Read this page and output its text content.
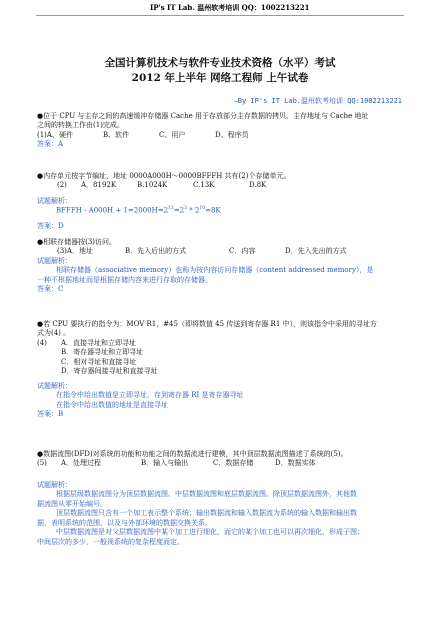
IP's IT Lab. 温州软考培训 QQ：1002213221
全国计算机技术与软件专业技术资格（水平）考试
2012 年上半年 网络工程师 上午试卷
—By IP's IT Lab.温州软考培训 QQ:1002213221
●位于 CPU 与主存之间的高速缓冲存储器 Cache 用于存放部分主存数据的拷贝，主存地址与 Cache 地址
之间的转换工作由(1)完成。
(1)A、硬件	B、软件	C、用户	D、程序员
答案：A
●内存单元按字节编址，地址 0000A000H～0000BFFFH 共有(2)个存储单元。
(2)	A．8192K	B.1024K	C.13K	D.8K
试题解析：
BFFFH - $A000H + 1=2000H=2^{13}=2^3 * 2^{10}=8K$
答案：D
●相联存储器按(3)访问。
(3)A．地址	B．先入后出的方式	C．内容	D．先入先出的方式
试题解析：
相联存储器（associative memory）也称为按内容访问存储器（content addressed memory），是
一种不根据地址而是根据存储内容来进行存取的存储器。
答案：C
●若 CPU 要执行的指令为：MOV R1，#45（即将数值 45 传送到寄存器 R1 中），则该指令中采用的寻址方
式为(4) 。
(4)	A．直接寻址和立即寻址
B．寄存器寻址和立即寻址
C．相对寻址和直接寻址
D．寄存器间接寻址和直接寻址
试题解析：
在指令中给出数值是立即寻址，存到寄存器 RI 是寄存器寻址
在指令中给出数值的地址是直接寻址
答案：B
●数据流图(DFD)对系统的功能和功能之间的数据流进行建模，其中顶层数据流图描述了系统的(5)。
(5)	A．处理过程	B．输入与输出	C．数据存储	D．数据实体
试题解析：
根据层级数据流图分为顶层数据流图、中层数据流图和底层数据流图。除顶层数据流图外，其他数
据流图从零开始编号。
顶层数据流图只含有一个加工表示整个系统；输出数据流和输入数据流为系统的输入数据和输出数
据，表明系统的范围，以及与外部环境的数据交换关系。
中层数据流图是对父层数据流图中某个加工进行细化，而它的某个加工也可以再次细化，形成子图；
中间层次的多少，一般视系统的复杂程度而定。
